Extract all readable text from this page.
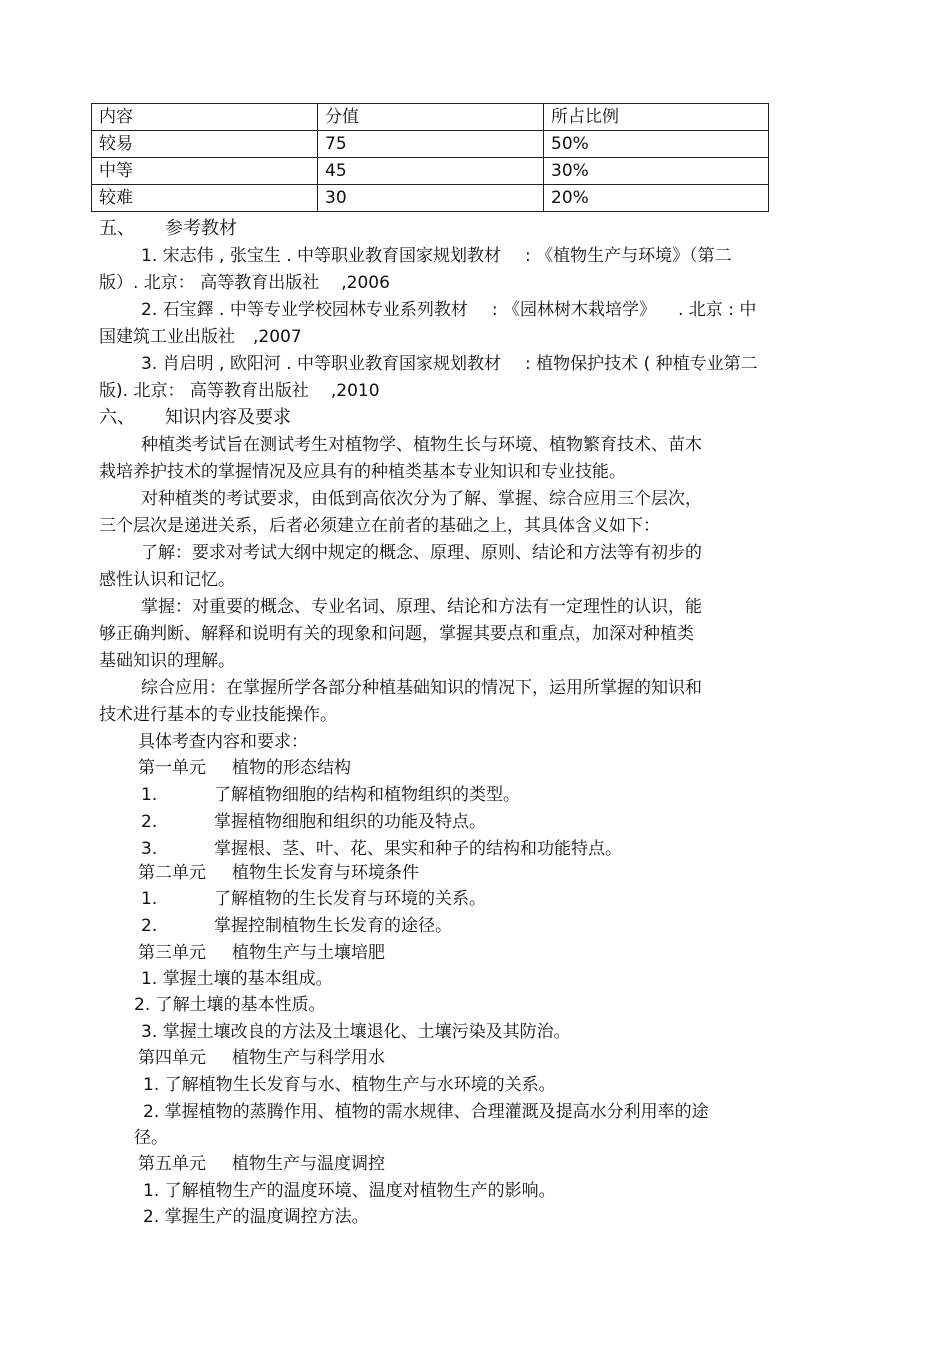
内容	分值	所占比例
较易	75	50%
中等	45	30%
较难	30	20%
五、 参考教材
1. 宋志伟 , 张宝生 . 中等职业教育国家规划教材 : 《植物生产与环境》（第二
版）. 北京： 高等教育出版社 ,2006
2. 石宝鐸 . 中等专业学校园林专业系列教材 : 《园林树木栽培学》 . 北京 : 中
国建筑工业出版社 ,2007
3. 肖启明 , 欧阳河 . 中等职业教育国家规划教材 : 植物保护技术 ( 种植专业第二
版). 北京： 高等教育出版社 ,2010
六、 知识内容及要求
种植类考试旨在测试考生对植物学、植物生长与环境、植物繁育技术、苗木
栽培养护技术的掌握情况及应具有的种植类基本专业知识和专业技能。
对种植类的考试要求，由低到高依次分为了解、掌握、综合应用三个层次，
三个层次是递进关系，后者必须建立在前者的基础之上，其具体含义如下：
了解：要求对考试大纲中规定的概念、原理、原则、结论和方法等有初步的
感性认识和记忆。
掌握：对重要的概念、专业名词、原理、结论和方法有一定理性的认识，能
够正确判断、解释和说明有关的现象和问题，掌握其要点和重点，加深对种植类
基础知识的理解。
综合应用：在掌握所学各部分种植基础知识的情况下，运用所掌握的知识和
技术进行基本的专业技能操作。
具体考查内容和要求：
第一单元 植物的形态结构
1.	了解植物细胞的结构和植物组织的类型。
2.	掌握植物细胞和组织的功能及特点。
3.	掌握根、茎、叶、花、果实和种子的结构和功能特点。
第二单元 植物生长发育与环境条件
1.	了解植物的生长发育与环境的关系。
2.	掌握控制植物生长发育的途径。
第三单元 植物生产与土壤培肥
1. 掌握土壤的基本组成。
2. 了解土壤的基本性质。
3. 掌握土壤改良的方法及土壤退化、土壤污染及其防治。
第四单元 植物生产与科学用水
1. 了解植物生长发育与水、植物生产与水环境的关系。
2. 掌握植物的蒸腾作用、植物的需水规律、合理灌溉及提高水分利用率的途
径。
第五单元 植物生产与温度调控
1. 了解植物生产的温度环境、温度对植物生产的影响。
2. 掌握生产的温度调控方法。
